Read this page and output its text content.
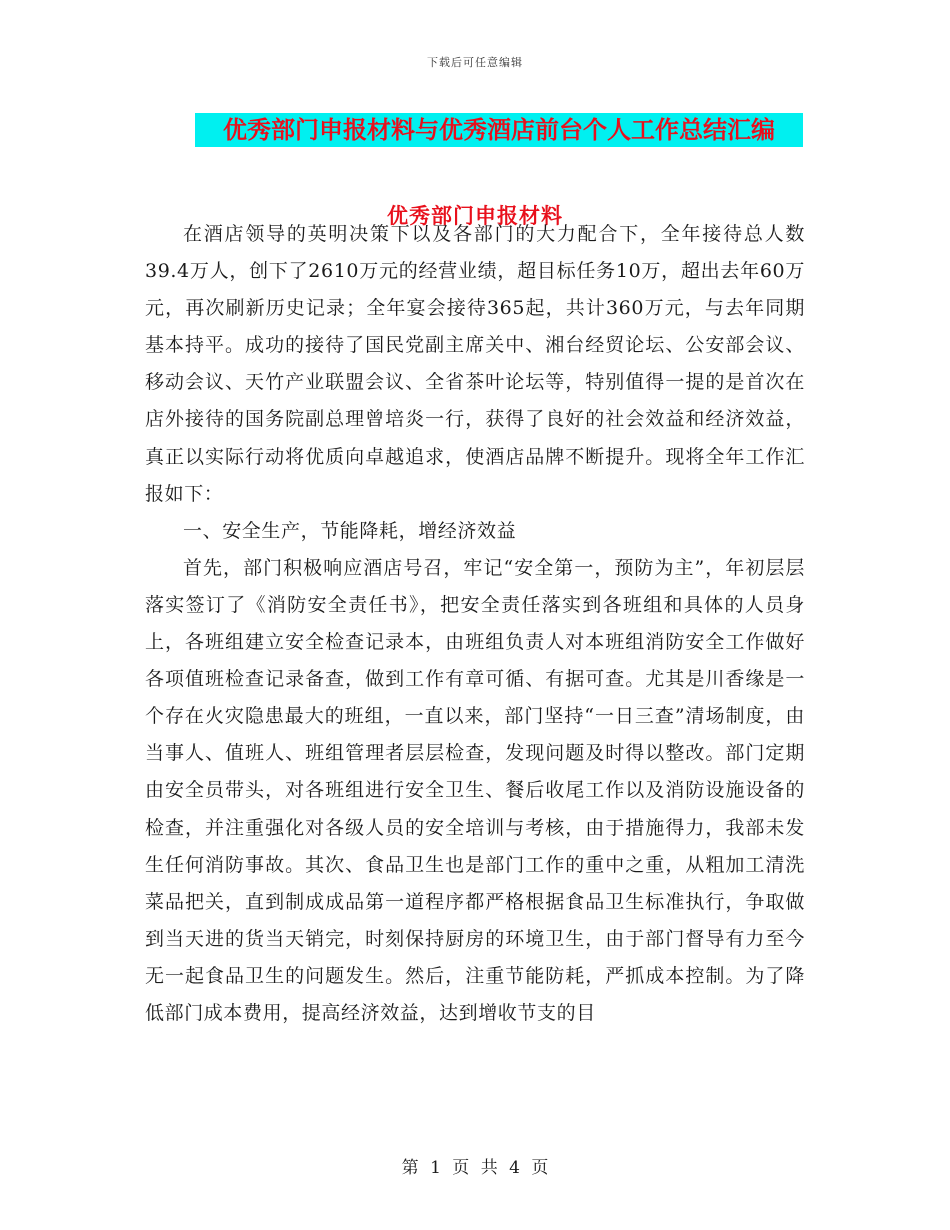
下载后可任意编辑
优秀部门申报材料与优秀酒店前台个人工作总结汇编
优秀部门申报材料

在酒店领导的英明决策下以及各部门的大力配合下，全年接待总人数39.4万人，创下了2610万元的经营业绩，超目标任务10万，超出去年60万元，再次刷新历史记录；全年宴会接待365起，共计360万元，与去年同期基本持平。成功的接待了国民党副主席关中、湘台经贸论坛、公安部会议、移动会议、天竹产业联盟会议、全省茶叶论坛等，特别值得一提的是首次在店外接待的国务院副总理曾培炎一行，获得了良好的社会效益和经济效益，真正以实际行动将优质向卓越追求，使酒店品牌不断提升。现将全年工作汇报如下：

一、安全生产，节能降耗，增经济效益

首先，部门积极响应酒店号召，牢记“安全第一，预防为主”，年初层层落实签订了《消防安全责任书》，把安全责任落实到各班组和具体的人员身上，各班组建立安全检查记录本，由班组负责人对本班组消防安全工作做好各项值班检查记录备查，做到工作有章可循、有据可查。尤其是川香缘是一个存在火灾隐患最大的班组，一直以来，部门坚持“一日三查”清场制度，由当事人、值班人、班组管理者层层检查，发现问题及时得以整改。部门定期由安全员带头，对各班组进行安全卫生、餐后收尾工作以及消防设施设备的检查，并注重强化对各级人员的安全培训与考核，由于措施得力，我部未发生任何消防事故。其次、食品卫生也是部门工作的重中之重，从粗加工清洗菜品把关，直到制成成品第一道程序都严格根据食品卫生标准执行，争取做到当天进的货当天销完，时刻保持厨房的环境卫生，由于部门督导有力至今无一起食品卫生的问题发生。然后，注重节能防耗，严抓成本控制。为了降低部门成本费用，提高经济效益，达到增收节支的目

第 1 页 共 4 页
